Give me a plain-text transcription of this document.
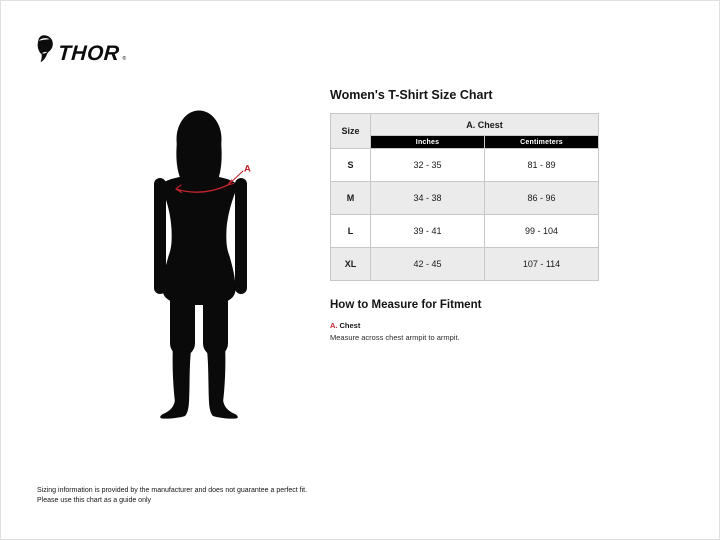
THOR ®
A
Women's T-Shirt Size Chart
Size	A. Chest	
	Inches	Centimeters
S	32 - 35	81 - 89
M	34 - 38	86 - 96
L	39 - 41	99 - 104
XL	42 - 45	107 - 114
How to Measure for Fitment
A. Chest

Measure across chest armpit to armpit.

Sizing information is provided by the manufacturer and does not guarantee a perfect fit.
Please use this chart as a guide only
